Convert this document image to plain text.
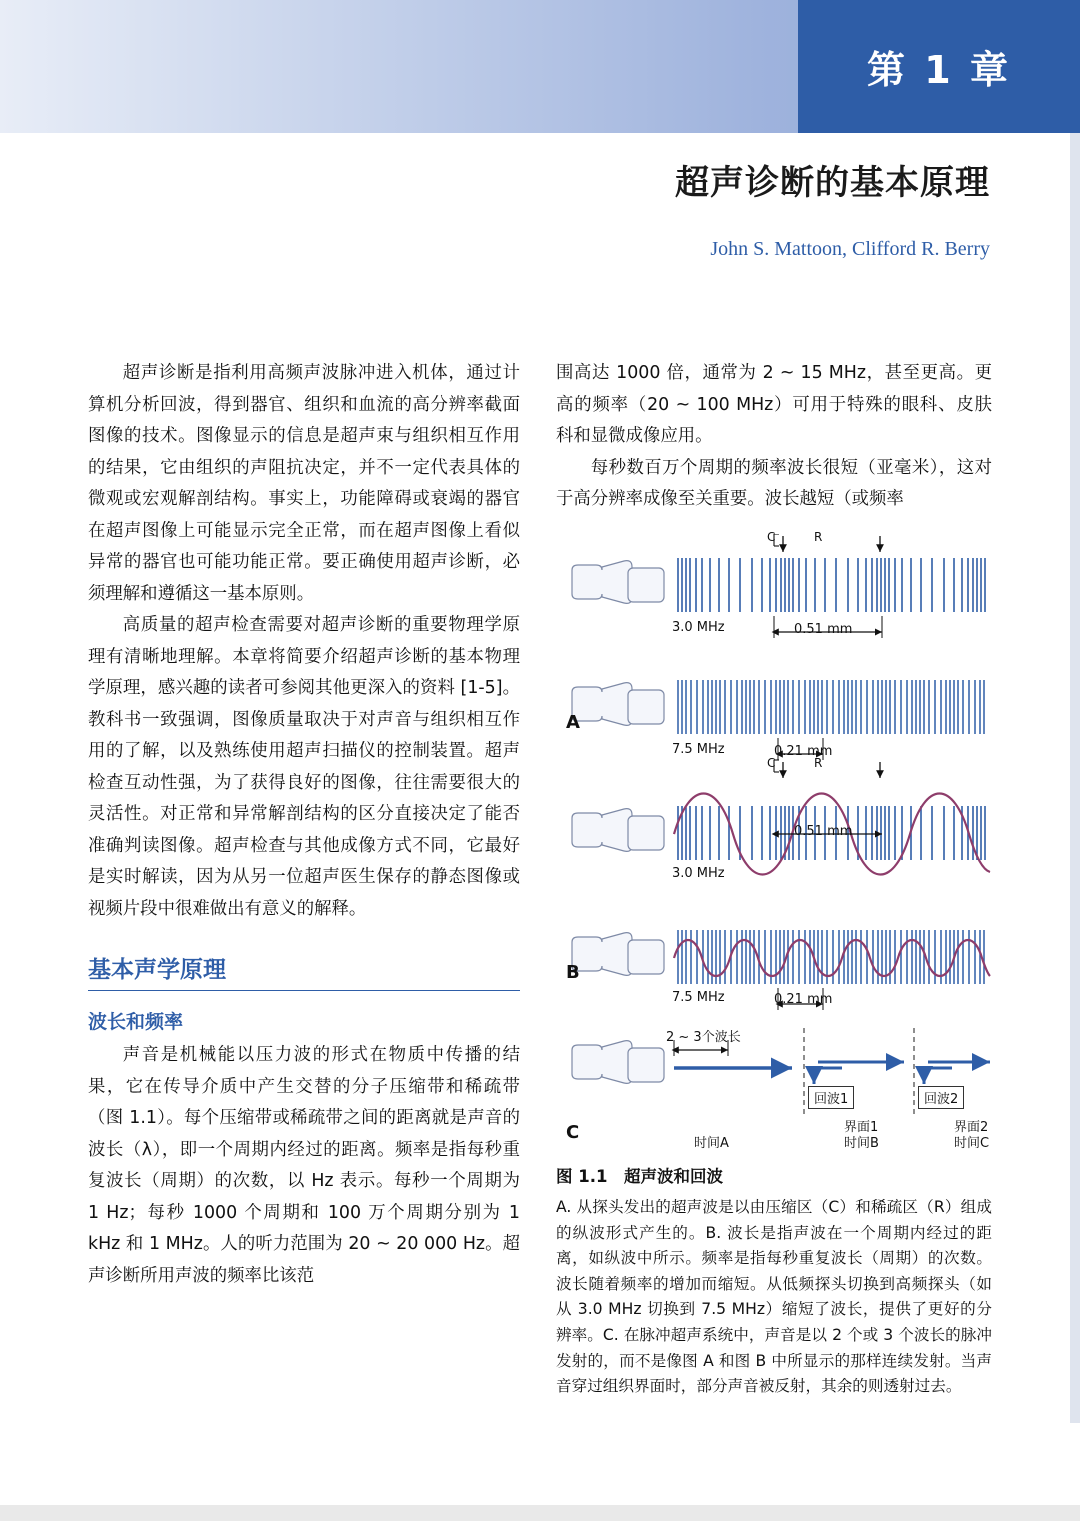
第 1 章
超声诊断的基本原理
John S. Mattoon, Clifford R. Berry

超声诊断是指利用高频声波脉冲进入机体，通过计算机分析回波，得到器官、组织和血流的高分辨率截面图像的技术。图像显示的信息是超声束与组织相互作用的结果，它由组织的声阻抗决定，并不一定代表具体的微观或宏观解剖结构。事实上，功能障碍或衰竭的器官在超声图像上可能显示完全正常，而在超声图像上看似异常的器官也可能功能正常。要正确使用超声诊断，必须理解和遵循这一基本原则。

高质量的超声检查需要对超声诊断的重要物理学原理有清晰地理解。本章将简要介绍超声诊断的基本物理学原理，感兴趣的读者可参阅其他更深入的资料 [1-5]。教科书一致强调，图像质量取决于对声音与组织相互作用的了解，以及熟练使用超声扫描仪的控制装置。超声检查互动性强，为了获得良好的图像，往往需要很大的灵活性。对正常和异常解剖结构的区分直接决定了能否准确判读图像。超声检查与其他成像方式不同，它最好是实时解读，因为从另一位超声医生保存的静态图像或视频片段中很难做出有意义的解释。

基本声学原理
波长和频率

声音是机械能以压力波的形式在物质中传播的结果，它在传导介质中产生交替的分子压缩带和稀疏带（图 1.1）。每个压缩带或稀疏带之间的距离就是声音的波长（λ），即一个周期内经过的距离。频率是指每秒重复波长（周期）的次数，以 Hz 表示。每秒一个周期为 1 Hz；每秒 1000 个周期和 100 万个周期分别为 1 kHz 和 1 MHz。人的听力范围为 20 ~ 20 000 Hz。超声诊断所用声波的频率比该范

围高达 1000 倍，通常为 2 ~ 15 MHz，甚至更高。更高的频率（20 ~ 100 MHz）可用于特殊的眼科、皮肤科和显微成像应用。

每秒数百万个周期的频率波长很短（亚毫米），这对于高分辨率成像至关重要。波长越短（或频率

3.0 MHz	0.51 mm
7.5 MHz	0.21 mm
3.0 MHz
0.51 mm
7.5 MHz	0.21 mm
C	R
C	R
A
B
C
2 ~ 3个波长
回波1	回波2
界面1	界面2
时间A	时间B	时间C
图 1.1　超声波和回波
A. 从探头发出的超声波是以由压缩区（C）和稀疏区（R）组成的纵波形式产生的。B. 波长是指声波在一个周期内经过的距离，如纵波中所示。频率是指每秒重复波长（周期）的次数。波长随着频率的增加而缩短。从低频探头切换到高频探头（如从 3.0 MHz 切换到 7.5 MHz）缩短了波长，提供了更好的分辨率。C. 在脉冲超声系统中，声音是以 2 个或 3 个波长的脉冲发射的，而不是像图 A 和图 B 中所显示的那样连续发射。当声音穿过组织界面时，部分声音被反射，其余的则透射过去。
